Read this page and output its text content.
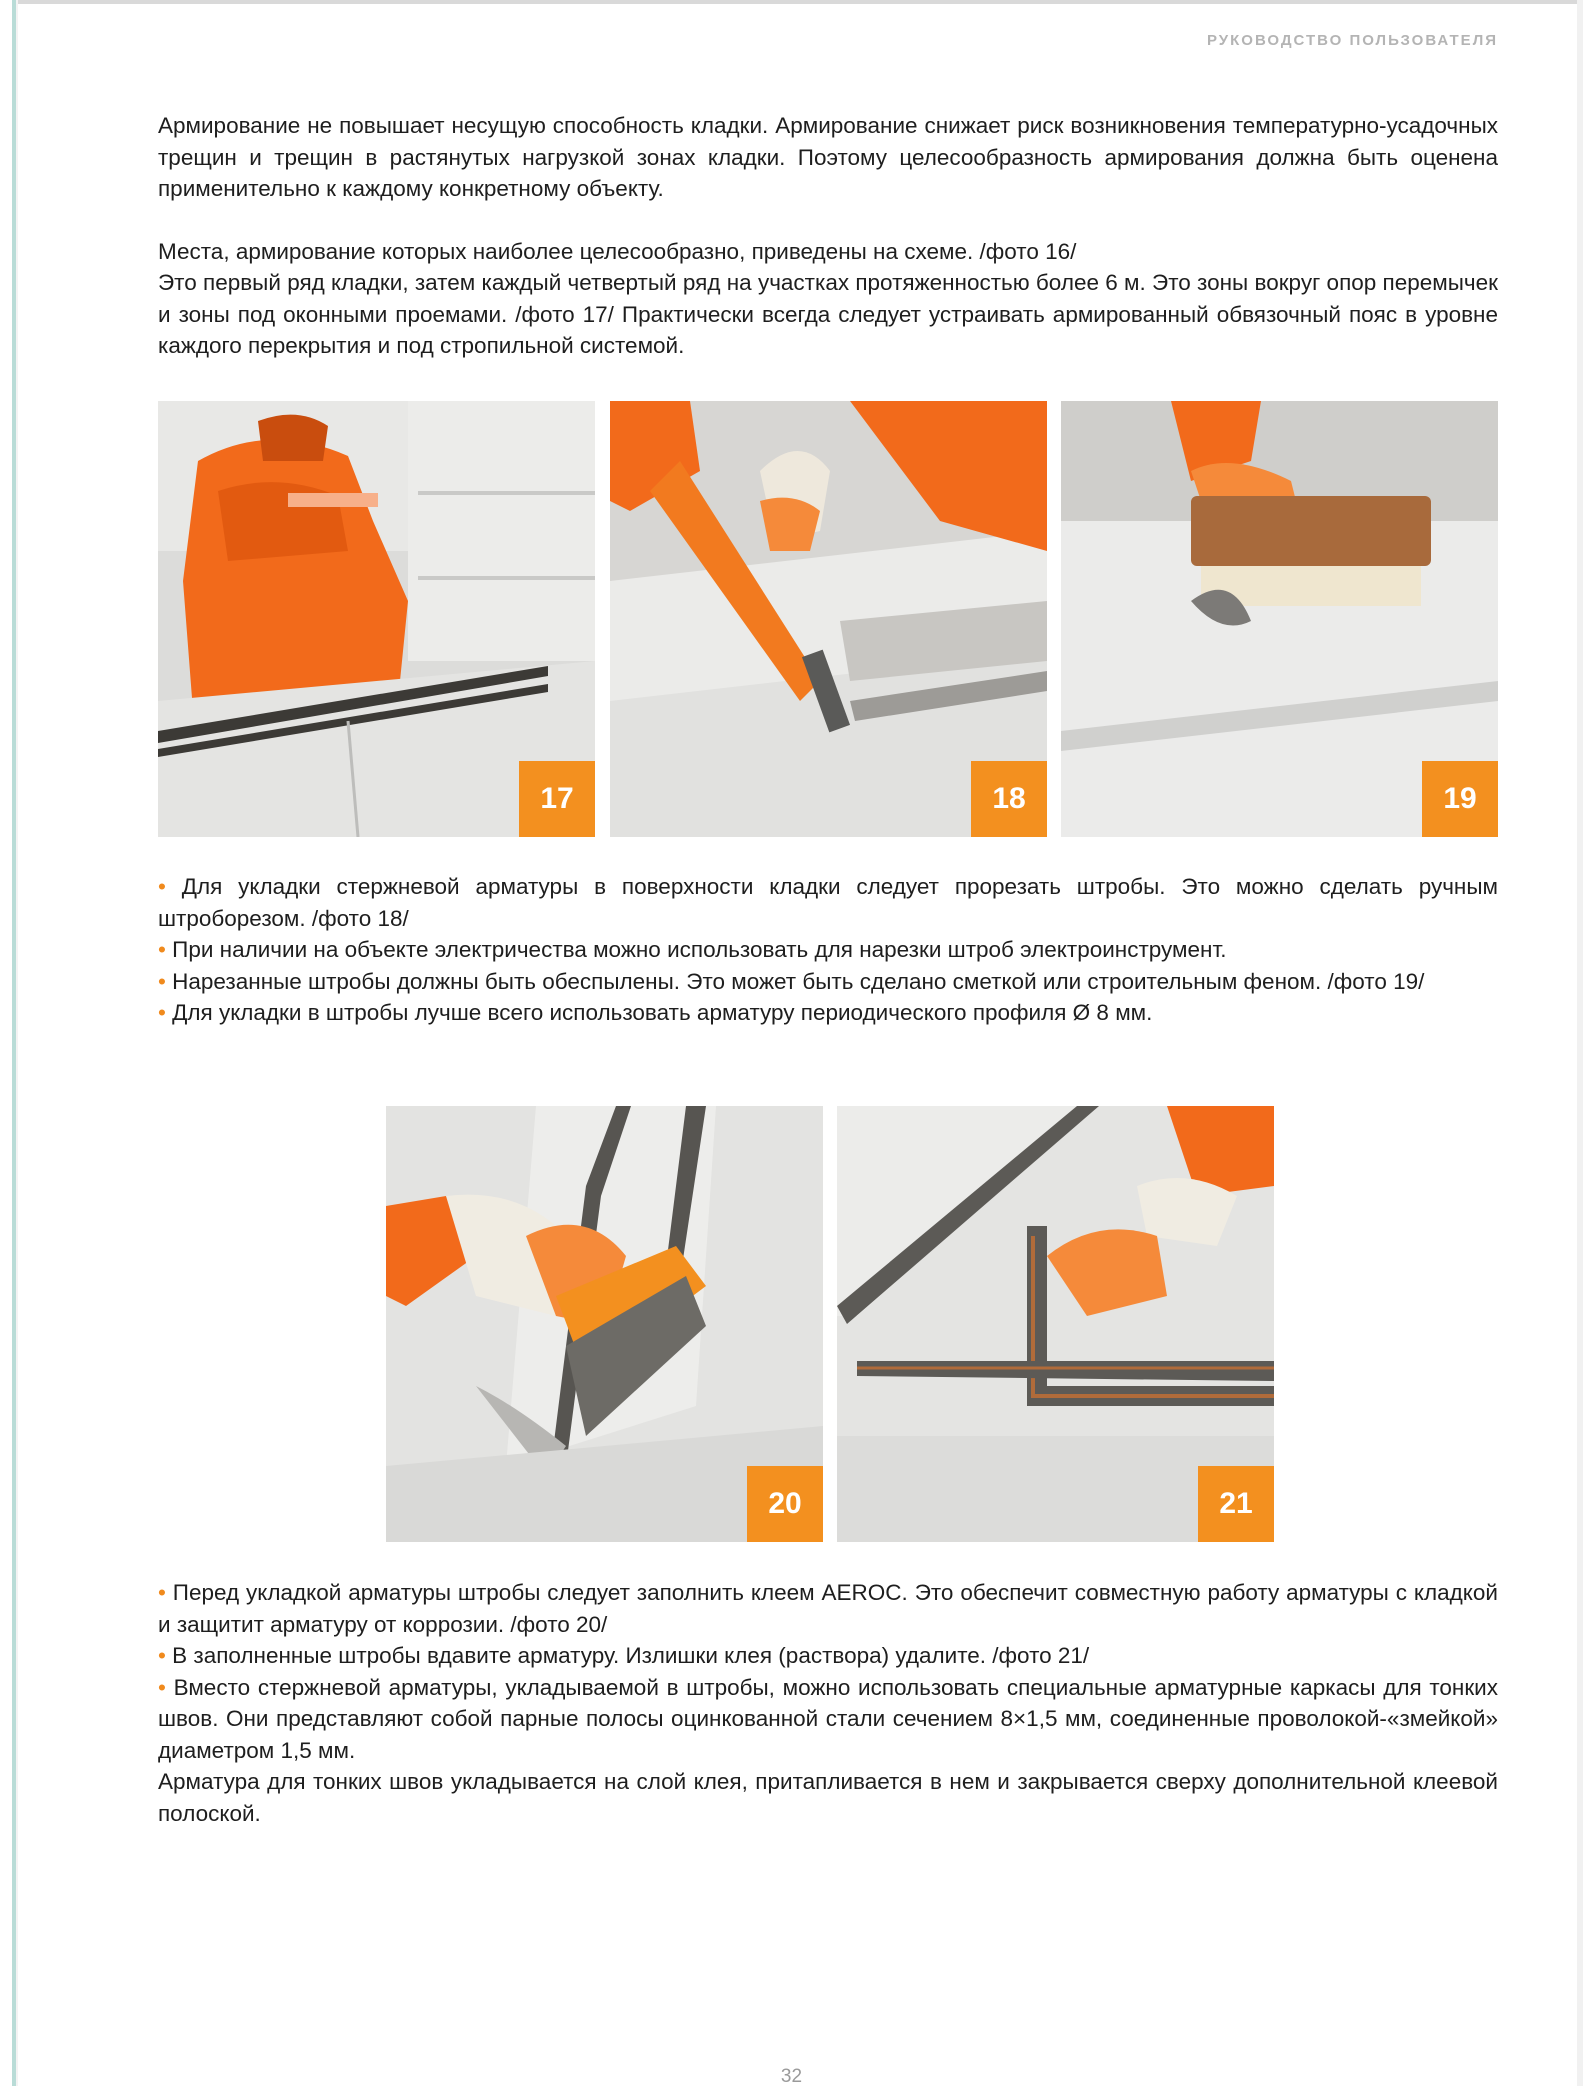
РУКОВОДСТВО ПОЛЬЗОВАТЕЛЯ

Армирование не повышает несущую способность кладки. Армирование снижает риск возникновения температурно-усадочных трещин и трещин в растянутых нагрузкой зонах кладки. Поэтому целесообразность армирования должна быть оценена применительно к каждому конкретному объекту.

Места, армирование которых наиболее целесообразно, приведены на схеме. /фото 16/

Это первый ряд кладки, затем каждый четвертый ряд на участках протяженностью более 6 м. Это зоны вокруг опор перемычек и зоны под оконными проемами. /фото 17/ Практически всегда следует устраивать армированный обвязочный пояс в уровне каждого перекрытия и под стропильной системой.

17	18	19

• Для укладки стержневой арматуры в поверхности кладки следует прорезать штробы. Это можно сделать ручным штроборезом. /фото 18/

• При наличии на объекте электричества можно использовать для нарезки штроб электроинструмент.

• Нарезанные штробы должны быть обеспылены. Это может быть сделано сметкой или строительным феном. /фото 19/

• Для укладки в штробы лучше всего использовать арматуру периодического профиля Ø 8 мм.

20	21

• Перед укладкой арматуры штробы следует заполнить клеем AEROC. Это обеспечит совместную работу арматуры с кладкой и защитит арматуру от коррозии. /фото 20/

• В заполненные штробы вдавите арматуру. Излишки клея (раствора) удалите. /фото 21/

• Вместо стержневой арматуры, укладываемой в штробы, можно использовать специальные арматурные каркасы для тонких швов. Они представляют собой парные полосы оцинкованной стали сечением 8×1,5 мм, соединенные проволокой-«змейкой» диаметром 1,5 мм.

Арматура для тонких швов укладывается на слой клея, притапливается в нем и закрывается сверху дополнительной клеевой полоской.

32
